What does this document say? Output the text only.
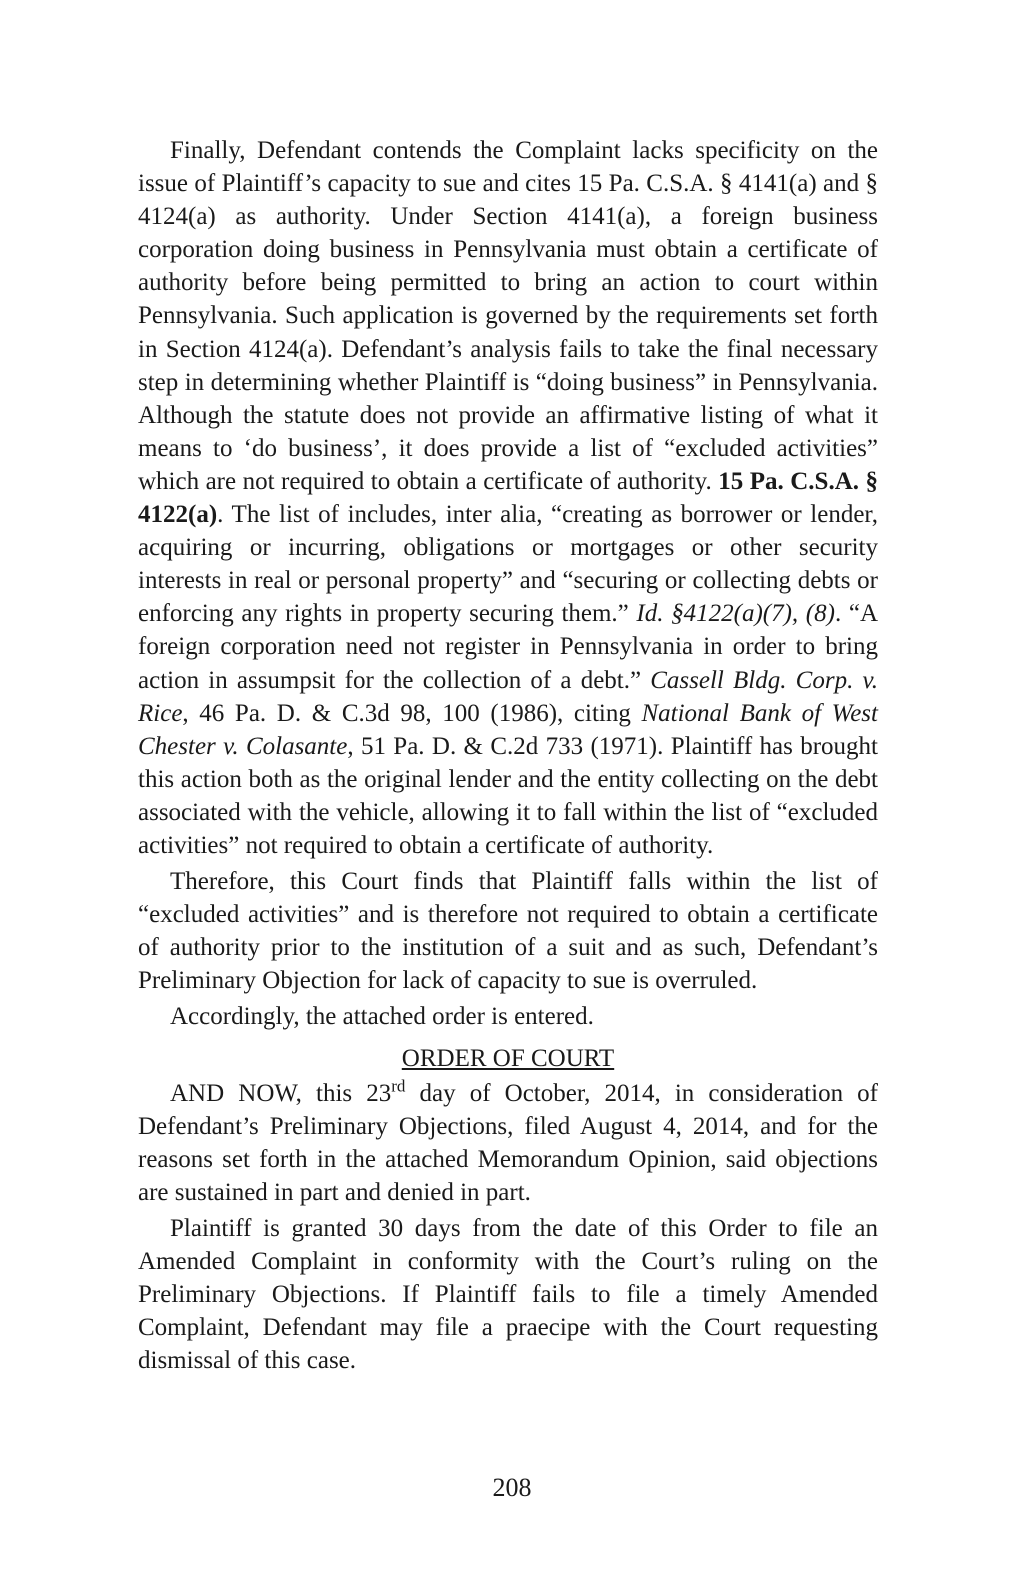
Finally, Defendant contends the Complaint lacks specificity on the issue of Plaintiff’s capacity to sue and cites 15 Pa. C.S.A. § 4141(a) and § 4124(a) as authority. Under Section 4141(a), a foreign business corporation doing business in Pennsylvania must obtain a certificate of authority before being permitted to bring an action to court within Pennsylvania. Such application is governed by the requirements set forth in Section 4124(a). Defendant’s analysis fails to take the final necessary step in determining whether Plaintiff is “doing business” in Pennsylvania. Although the statute does not provide an affirmative listing of what it means to ‘do business’, it does provide a list of “excluded activities” which are not required to obtain a certificate of authority. 15 Pa. C.S.A. § 4122(a). The list of includes, inter alia, “creating as borrower or lender, acquiring or incurring, obligations or mortgages or other security interests in real or personal property” and “securing or collecting debts or enforcing any rights in property securing them.” Id. §4122(a)(7), (8). “A foreign corporation need not register in Pennsylvania in order to bring action in assumpsit for the collection of a debt.” Cassell Bldg. Corp. v. Rice, 46 Pa. D. & C.3d 98, 100 (1986), citing National Bank of West Chester v. Colasante, 51 Pa. D. & C.2d 733 (1971). Plaintiff has brought this action both as the original lender and the entity collecting on the debt associated with the vehicle, allowing it to fall within the list of “excluded activities” not required to obtain a certificate of authority.

Therefore, this Court finds that Plaintiff falls within the list of “excluded activities” and is therefore not required to obtain a certificate of authority prior to the institution of a suit and as such, Defendant’s Preliminary Objection for lack of capacity to sue is overruled.

Accordingly, the attached order is entered.

ORDER OF COURT

AND NOW, this 23rd day of October, 2014, in consideration of Defendant’s Preliminary Objections, filed August 4, 2014, and for the reasons set forth in the attached Memorandum Opinion, said objections are sustained in part and denied in part.

Plaintiff is granted 30 days from the date of this Order to file an Amended Complaint in conformity with the Court’s ruling on the Preliminary Objections. If Plaintiff fails to file a timely Amended Complaint, Defendant may file a praecipe with the Court requesting dismissal of this case.

208
